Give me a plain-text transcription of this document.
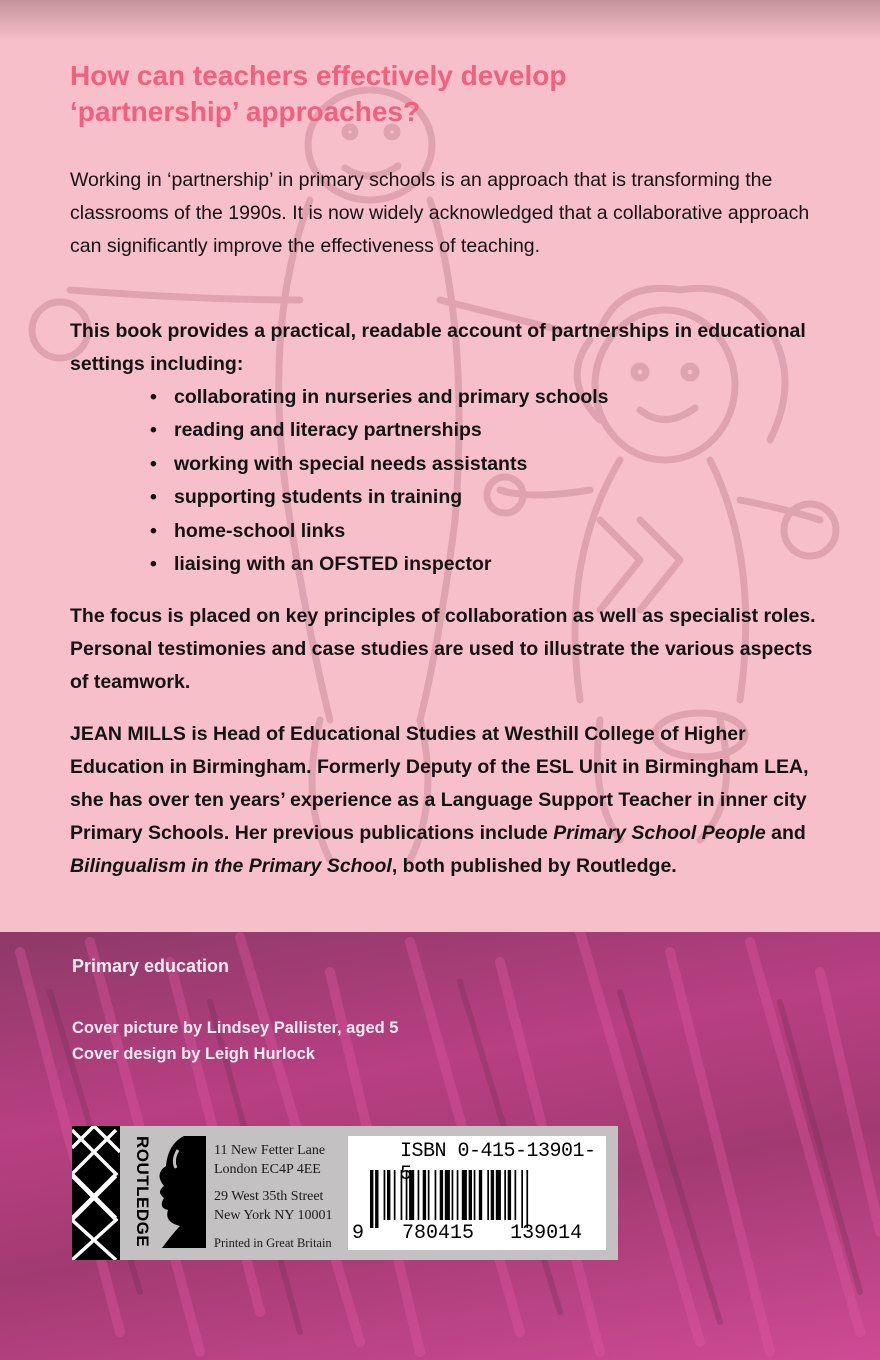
How can teachers effectively develop
‘partnership’ approaches?

Working in ‘partnership’ in primary schools is an approach that is transforming the classrooms of the 1990s. It is now widely acknowledged that a collaborative approach can significantly improve the effectiveness of teaching.

This book provides a practical, readable account of partnerships in educational settings including:

• collaborating in nurseries and primary schools
• reading and literacy partnerships
• working with special needs assistants
• supporting students in training
• home-school links
• liaising with an OFSTED inspector

The focus is placed on key principles of collaboration as well as specialist roles. Personal testimonies and case studies are used to illustrate the various aspects of teamwork.

JEAN MILLS is Head of Educational Studies at Westhill College of Higher Education in Birmingham. Formerly Deputy of the ESL Unit in Birmingham LEA, she has over ten years’ experience as a Language Support Teacher in inner city Primary Schools. Her previous publications include Primary School People and Bilingualism in the Primary School, both published by Routledge.

Primary education
Cover picture by Lindsey Pallister, aged 5
Cover design by Leigh Hurlock
ROUTLEDGE	11 New Fetter Lane
London EC4P 4EE
29 West 35th Street
New York NY 10001
Printed in Great Britain
ISBN 0-415-13901-
9 780415 139014
